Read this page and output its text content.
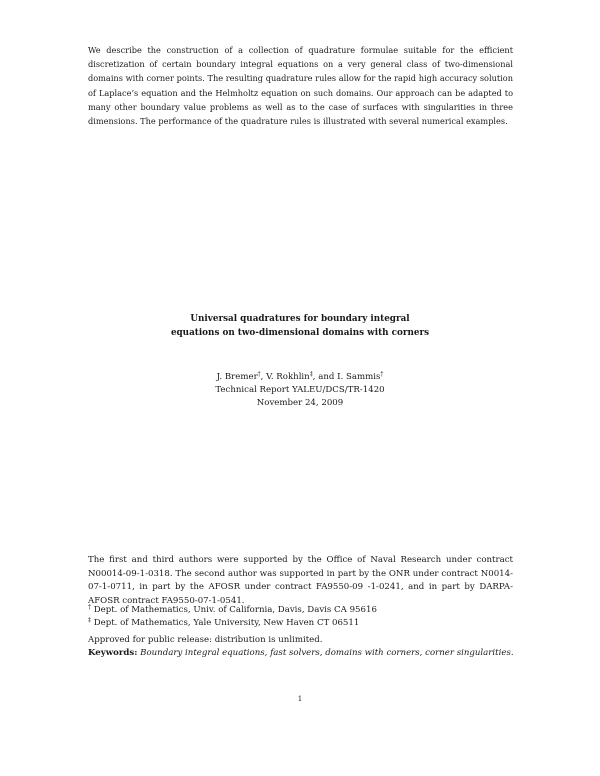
We describe the construction of a collection of quadrature formulae suitable for the efficient discretization of certain boundary integral equations on a very general class of two-dimensional domains with corner points. The resulting quadrature rules allow for the rapid high accuracy solution of Laplace’s equation and the Helmholtz equation on such domains. Our approach can be adapted to many other boundary value problems as well as to the case of surfaces with singularities in three dimensions. The performance of the quadrature rules is illustrated with several numerical examples.

Universal quadratures for boundary integral
equations on two-dimensional domains with corners
J. Bremer†, V. Rokhlin‡, and I. Sammis†
Technical Report YALEU/DCS/TR-1420
November 24, 2009

The first and third authors were supported by the Office of Naval Research under contract N00014-09-1-0318. The second author was supported in part by the ONR under contract N0014-07-1-0711, in part by the AFOSR under contract FA9550-09 -1-0241, and in part by DARPA-AFOSR contract FA9550-07-1-0541.

† Dept. of Mathematics, Univ. of California, Davis, Davis CA 95616
‡ Dept. of Mathematics, Yale University, New Haven CT 06511
Approved for public release: distribution is unlimited.
Keywords: Boundary integral equations, fast solvers, domains with corners, corner singularities.
1
